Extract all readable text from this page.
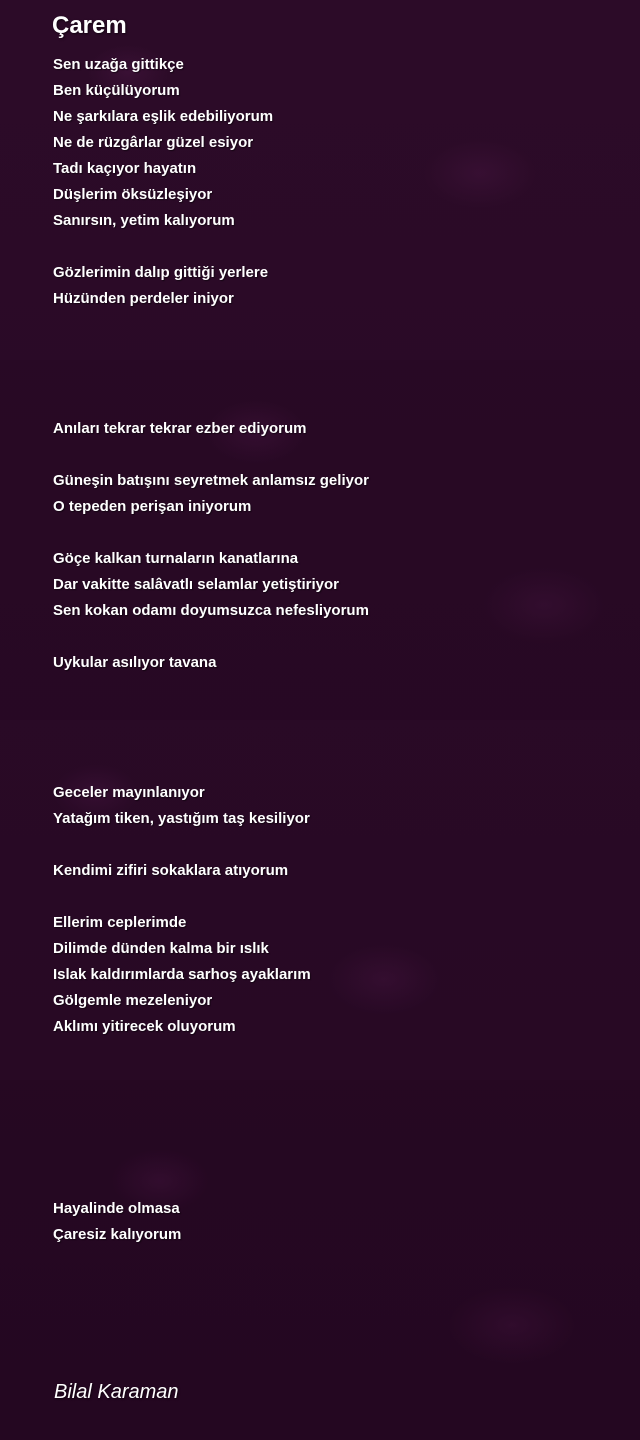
Çarem
Sen uzağa gittikçe
Ben küçülüyorum
Ne şarkılara eşlik edebiliyorum
Ne de rüzgârlar güzel esiyor
Tadı kaçıyor hayatın
Düşlerim öksüzleşiyor
Sanırsın, yetim kalıyorum
Gözlerimin dalıp gittiği yerlere
Hüzünden perdeler iniyor
Anıları tekrar tekrar ezber ediyorum
Güneşin batışını seyretmek anlamsız geliyor
O tepeden perişan iniyorum
Göçe kalkan turnaların kanatlarına
Dar vakitte salâvatlı selamlar yetiştiriyor
Sen kokan odamı doyumsuzca nefesliyorum
Uykular asılıyor tavana
Geceler mayınlanıyor
Yatağım tiken, yastığım taş kesiliyor
Kendimi zifiri sokaklara atıyorum
Ellerim ceplerimde
Dilimde dünden kalma bir ıslık
Islak kaldırımlarda sarhoş ayaklarım
Gölgemle mezeleniyor
Aklımı yitirecek oluyorum
Hayalinde olmasa
Çaresiz kalıyorum
Bilal Karaman
